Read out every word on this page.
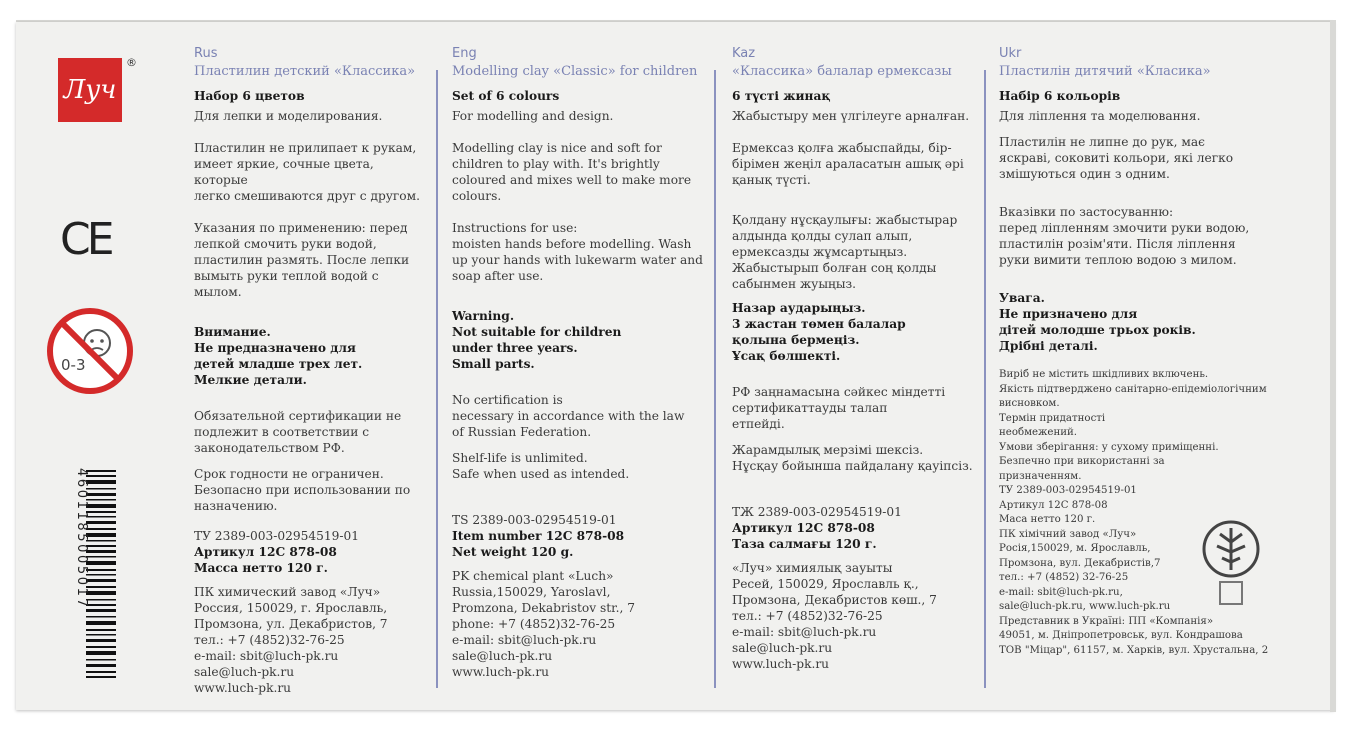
Луч
®
CE
0-3
4601185005017

Rus

Пластилин детский «Классика»

Набор 6 цветов

Для лепки и моделирования.

Пластилин не прилипает к рукам,

имеет яркие, сочные цвета, которые

легко смешиваются друг с другом.

Указания по применению: перед

лепкой смочить руки водой,

пластилин размять. После лепки

вымыть руки теплой водой с мылом.

Внимание.

Не предназначено для

детей младше трех лет.

Мелкие детали.

Обязательной сертификации не

подлежит в соответствии с

законодательством РФ.

Срок годности не ограничен.

Безопасно при использовании по

назначению.

ТУ 2389-003-02954519-01

Артикул 12С 878-08

Масса нетто 120 г.

ПК химический завод «Луч»

Россия, 150029, г. Ярославль,

Промзона, ул. Декабристов, 7

тел.: +7 (4852)32-76-25

e-mail: sbit@luch-pk.ru

sale@luch-pk.ru

www.luch-pk.ru

Eng

Modelling clay «Classic» for children

Set of 6 colours

For modelling and design.

Modelling clay is nice and soft for

children to play with. It's brightly

coloured and mixes well to make more

colours.

Instructions for use:

moisten hands before modelling. Wash

up your hands with lukewarm water and

soap after use.

Warning.

Not suitable for children

under three years.

Small parts.

No certification is

necessary in accordance with the law

of Russian Federation.

Shelf-life is unlimited.

Safe when used as intended.

TS 2389-003-02954519-01

Item number 12C 878-08

Net weight 120 g.

PK chemical plant «Luch»

Russia,150029, Yaroslavl,

Promzona, Dekabristov str., 7

phone: +7 (4852)32-76-25

e-mail: sbit@luch-pk.ru

sale@luch-pk.ru

www.luch-pk.ru

Kaz

«Классика» балалар ермексазы

6 түсті жинақ

Жабыстыру мен үлгілеуге арналған.

Ермексаз қолға жабыспайды, бір-

бірімен жеңіл араласатын ашық әрі

қанық түсті.

Қолдану нұсқаулығы: жабыстырар

алдында қолды сулап алып,

ермексазды жұмсартыңыз.

Жабыстырып болған соң қолды

сабынмен жуыңыз.

Назар аударыңыз.

3 жастан төмен балалар

қолына бермеңіз.

Ұсақ бөлшекті.

РФ заңнамасына сәйкес міндетті

сертификаттауды талап

етпейді.

Жарамдылық мерзімі шексіз.

Нұсқау бойынша пайдалану қауіпсіз.

ТЖ 2389-003-02954519-01

Артикул 12С 878-08

Таза салмағы 120 г.

«Луч» химиялық зауыты

Ресей, 150029, Ярославль қ.,

Промзона, Декабристов көш., 7

тел.: +7 (4852)32-76-25

e-mail: sbit@luch-pk.ru

sale@luch-pk.ru

www.luch-pk.ru

Ukr

Пластилін дитячий «Класика»

Набір 6 кольорів

Для ліплення та моделювання.

Пластилін не липне до рук, має

яскраві, соковиті кольори, які легко

змішуються один з одним.

Вказівки по застосуванню:

перед ліпленням змочити руки водою,

пластилін розім'яти. Після ліплення

руки вимити теплою водою з милом.

Увага.

Не призначено для

дітей молодше трьох років.

Дрібні деталі.

Виріб не містить шкідливих включень.

Якість підтверджено санітарно-епідеміологічним

висновком.

Термін придатності

необмежений.

Умови зберігання: у сухому приміщенні.

Безпечно при використанні за

призначенням.

ТУ 2389-003-02954519-01

Артикул 12С 878-08

Маса нетто 120 г.

ПК хімічний завод «Луч»

Росія,150029, м. Ярославль,

Промзона, вул. Декабристів,7

тел.: +7 (4852) 32-76-25

e-mail: sbit@luch-pk.ru,

sale@luch-pk.ru, www.luch-pk.ru

Представник в Україні: ПП «Компанія»

49051, м. Дніпропетровськ, вул. Кондрашова

ТОВ "Міцар", 61157, м. Харків, вул. Хрустальна, 2
